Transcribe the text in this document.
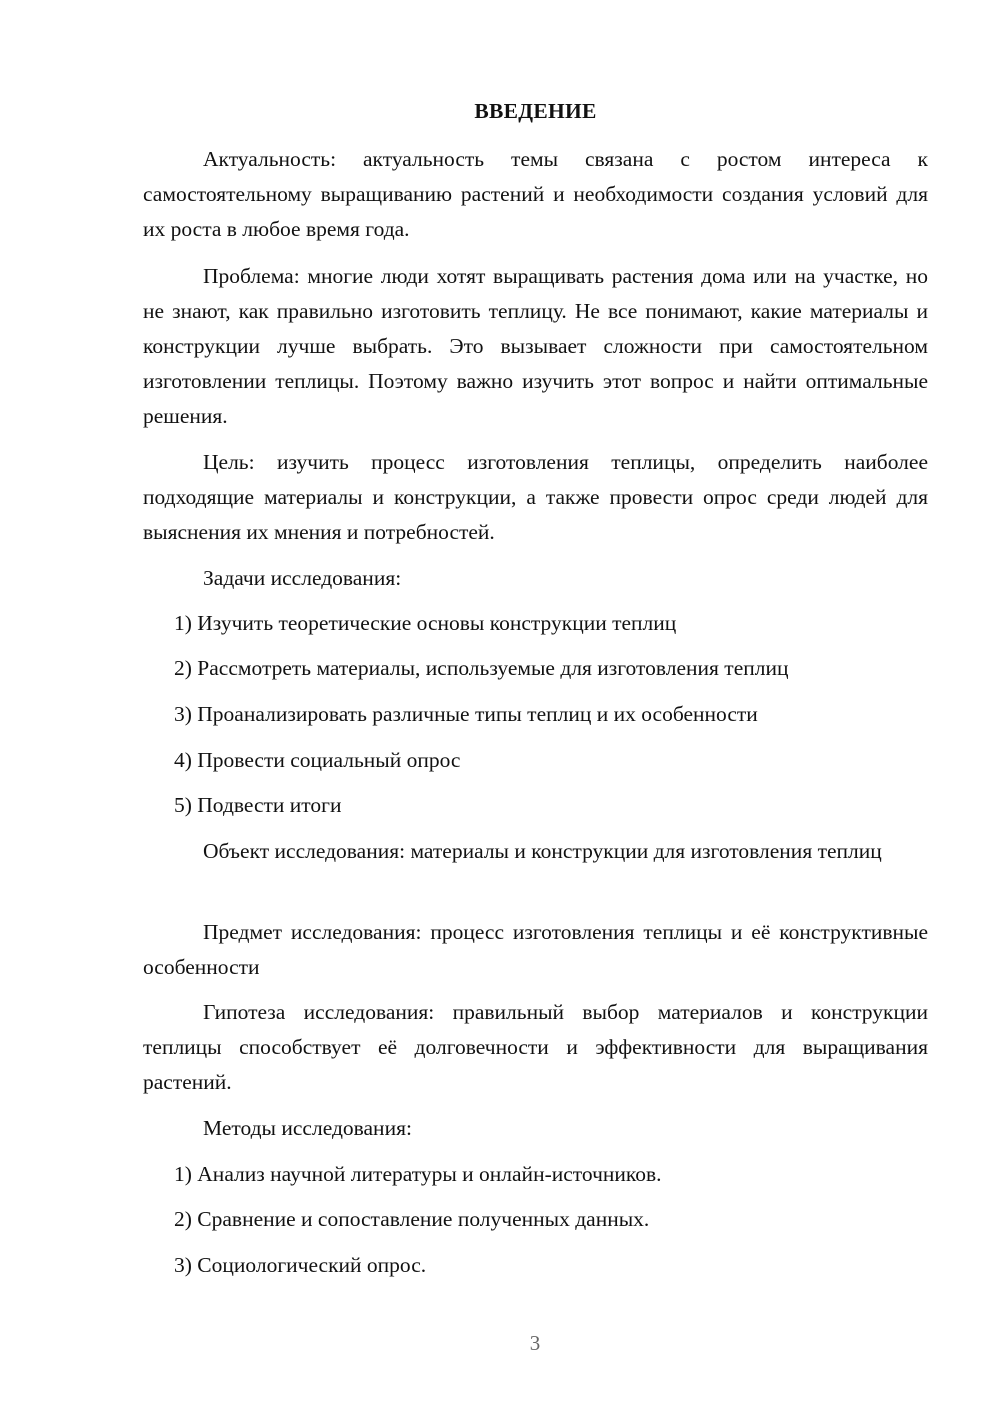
ВВЕДЕНИЕ

Актуальность: актуальность темы связана с ростом интереса к самостоятельному выращиванию растений и необходимости создания условий для их роста в любое время года.

Проблема: многие люди хотят выращивать растения дома или на участке, но не знают, как правильно изготовить теплицу. Не все понимают, какие материалы и конструкции лучше выбрать. Это вызывает сложности при самостоятельном изготовлении теплицы. Поэтому важно изучить этот вопрос и найти оптимальные решения.

Цель: изучить процесс изготовления теплицы, определить наиболее подходящие материалы и конструкции, а также провести опрос среди людей для выяснения их мнения и потребностей.

Задачи исследования:
1) Изучить теоретические основы конструкции теплиц
2) Рассмотреть материалы, используемые для изготовления теплиц
3) Проанализировать различные типы теплиц и их особенности
4) Провести социальный опрос
5) Подвести итоги

Объект исследования: материалы и конструкции для изготовления теплиц

Предмет исследования: процесс изготовления теплицы и её конструктивные особенности

Гипотеза исследования: правильный выбор материалов и конструкции теплицы способствует её долговечности и эффективности для выращивания растений.

Методы исследования:
1) Анализ научной литературы и онлайн-источников.
2) Сравнение и сопоставление полученных данных.
3) Социологический опрос.
3
